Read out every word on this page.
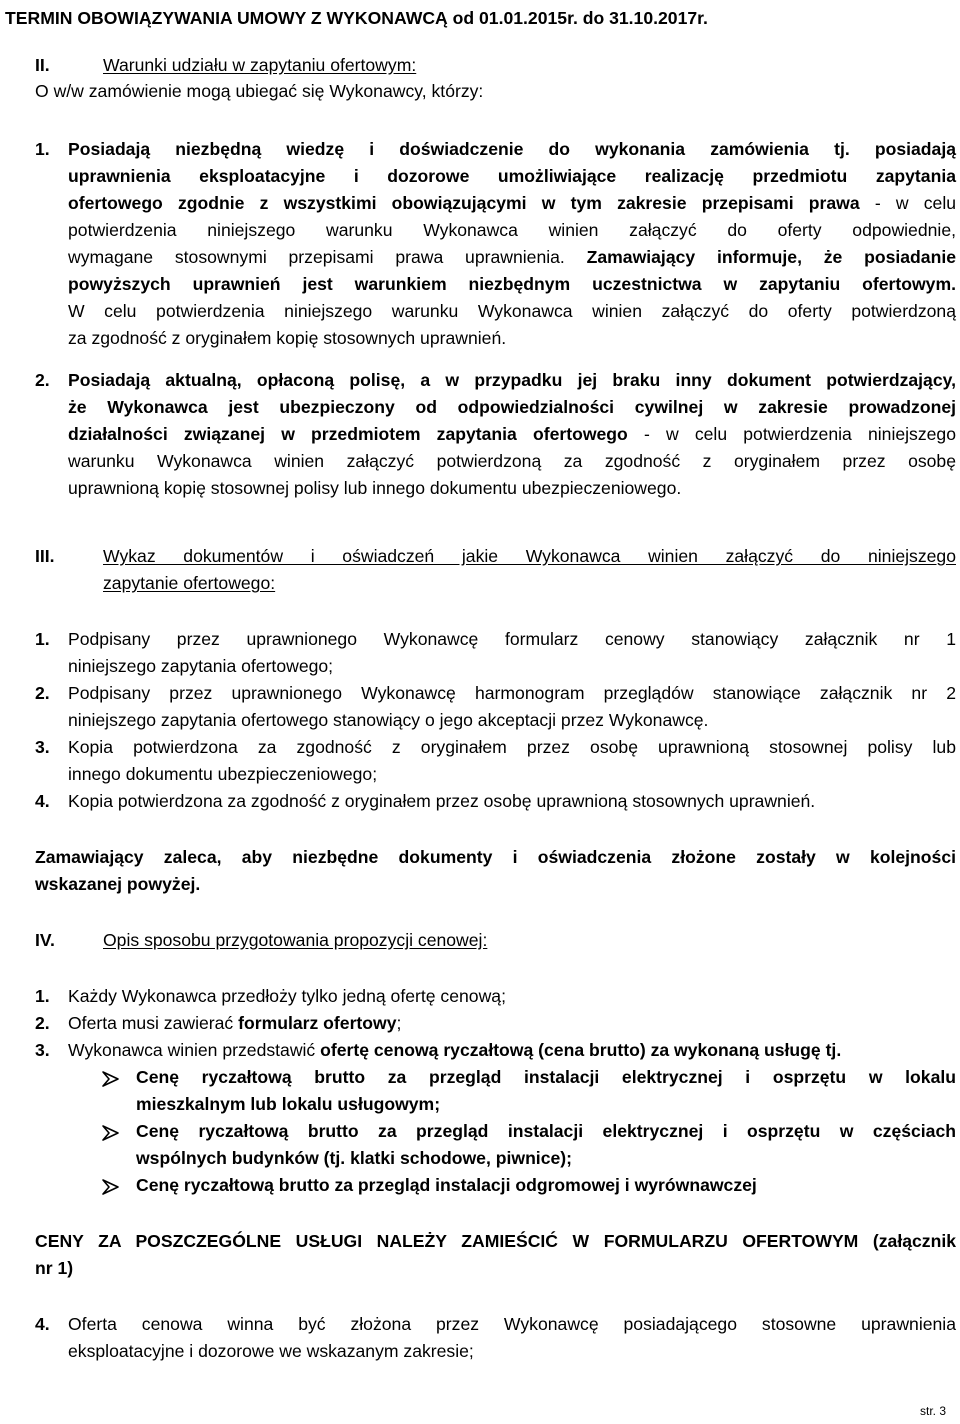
TERMIN OBOWIĄZYWANIA UMOWY Z WYKONAWCĄ od 01.01.2015r. do 31.10.2017r.
II.	Warunki udziału w zapytaniu ofertowym:
O w/w zamówienie mogą ubiegać się Wykonawcy, którzy:
1. Posiadają niezbędną wiedzę i doświadczenie do wykonania zamówienia tj. posiadają
uprawnienia eksploatacyjne i dozorowe umożliwiające realizację przedmiotu zapytania
ofertowego zgodnie z wszystkimi obowiązującymi w tym zakresie przepisami prawa - w celu
potwierdzenia niniejszego warunku Wykonawca winien załączyć do oferty odpowiednie,
wymagane stosownymi przepisami prawa uprawnienia. Zamawiający informuje, że posiadanie
powyższych uprawnień jest warunkiem niezbędnym uczestnictwa w zapytaniu ofertowym.
W celu potwierdzenia niniejszego warunku Wykonawca winien załączyć do oferty potwierdzoną
za zgodność z oryginałem kopię stosownych uprawnień.
2. Posiadają aktualną, opłaconą polisę, a w przypadku jej braku inny dokument potwierdzający,
że Wykonawca jest ubezpieczony od odpowiedzialności cywilnej w zakresie prowadzonej
działalności związanej w przedmiotem zapytania ofertowego - w celu potwierdzenia niniejszego
warunku Wykonawca winien załączyć potwierdzoną za zgodność z oryginałem przez osobę
uprawnioną kopię stosownej polisy lub innego dokumentu ubezpieczeniowego.
III.	Wykaz dokumentów i oświadczeń jakie Wykonawca winien załączyć do niniejszego
zapytanie ofertowego:
1. Podpisany przez uprawnionego Wykonawcę formularz cenowy stanowiący załącznik nr 1
niniejszego zapytania ofertowego;
2. Podpisany przez uprawnionego Wykonawcę harmonogram przeglądów stanowiące załącznik nr 2
niniejszego zapytania ofertowego stanowiący o jego akceptacji przez Wykonawcę.
3. Kopia potwierdzona za zgodność z oryginałem przez osobę uprawnioną stosownej polisy lub
innego dokumentu ubezpieczeniowego;
4. Kopia potwierdzona za zgodność z oryginałem przez osobę uprawnioną stosownych uprawnień.
Zamawiający zaleca, aby niezbędne dokumenty i oświadczenia złożone zostały w kolejności
wskazanej powyżej.
IV.	Opis sposobu przygotowania propozycji cenowej:
1. Każdy Wykonawca przedłoży tylko jedną ofertę cenową;
2. Oferta musi zawierać formularz ofertowy;
3. Wykonawca winien przedstawić ofertę cenową ryczałtową (cena brutto) za wykonaną usługę tj.
Cenę ryczałtową brutto za przegląd instalacji elektrycznej i osprzętu w lokalu
mieszkalnym lub lokalu usługowym;
Cenę ryczałtową brutto za przegląd instalacji elektrycznej i osprzętu w częściach
wspólnych budynków (tj. klatki schodowe, piwnice);
Cenę ryczałtową brutto za przegląd instalacji odgromowej i wyrównawczej
CENY ZA POSZCZEGÓLNE USŁUGI NALEŻY ZAMIEŚCIĆ W FORMULARZU OFERTOWYM (załącznik
nr 1)
4. Oferta cenowa winna być złożona przez Wykonawcę posiadającego stosowne uprawnienia
eksploatacyjne i dozorowe we wskazanym zakresie;
str. 3
